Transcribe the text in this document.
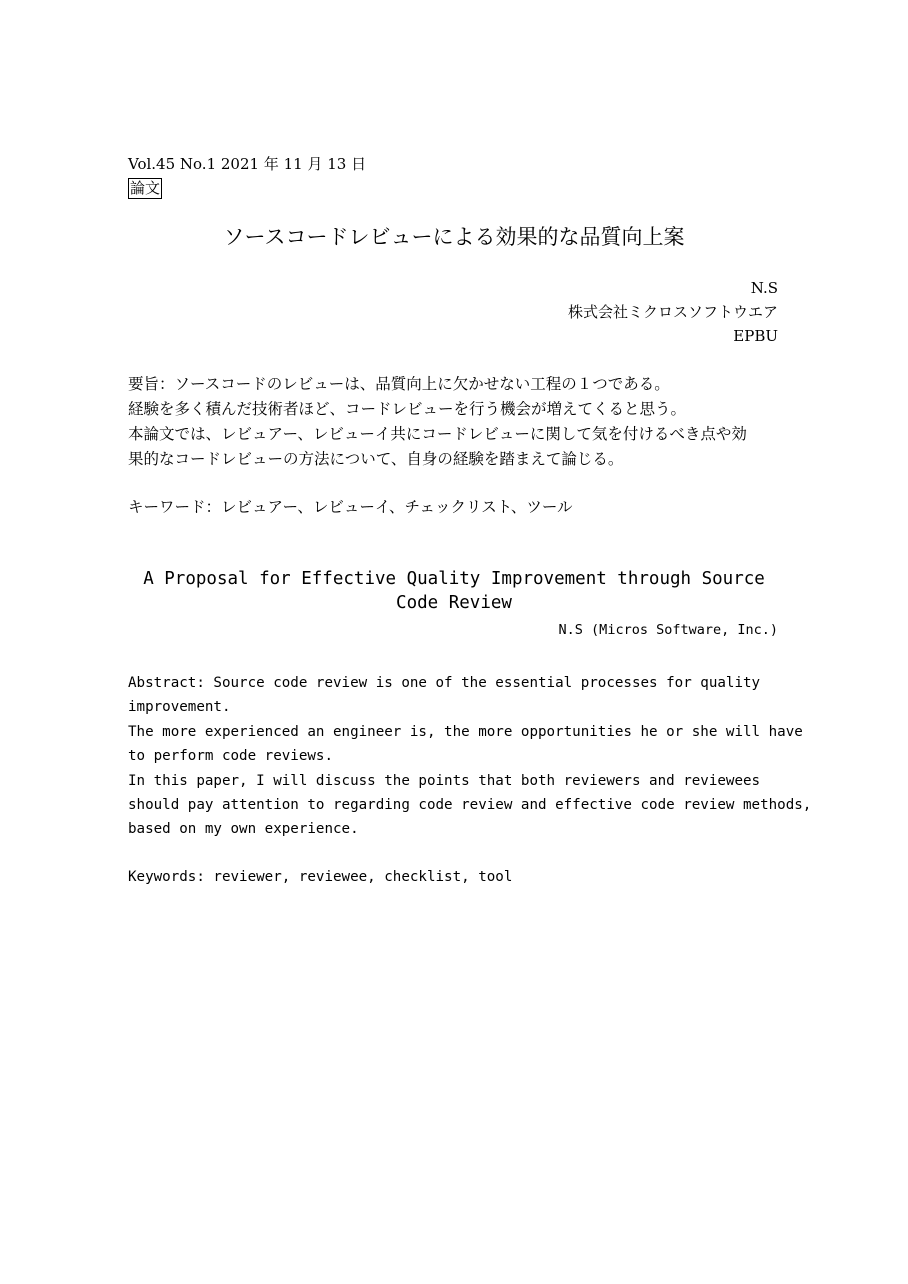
Vol.45 No.1 2021 年 11 月 13 日
論文
ソースコードレビューによる効果的な品質向上案
N.S
株式会社ミクロスソフトウエア
EPBU
要旨：ソースコードのレビューは、品質向上に欠かせない工程の１つである。
経験を多く積んだ技術者ほど、コードレビューを行う機会が増えてくると思う。
本論文では、レビュアー、レビューイ共にコードレビューに関して気を付けるべき点や効
果的なコードレビューの方法について、自身の経験を踏まえて論じる。
キーワード：レビュアー、レビューイ、チェックリスト、ツール
A Proposal for Effective Quality Improvement through Source
Code Review
N.S (Micros Software, Inc.)
Abstract: Source code review is one of the essential processes for quality
improvement.
The more experienced an engineer is, the more opportunities he or she will have
to perform code reviews.
In this paper, I will discuss the points that both reviewers and reviewees
should pay attention to regarding code review and effective code review methods,
based on my own experience.
Keywords: reviewer, reviewee, checklist, tool
